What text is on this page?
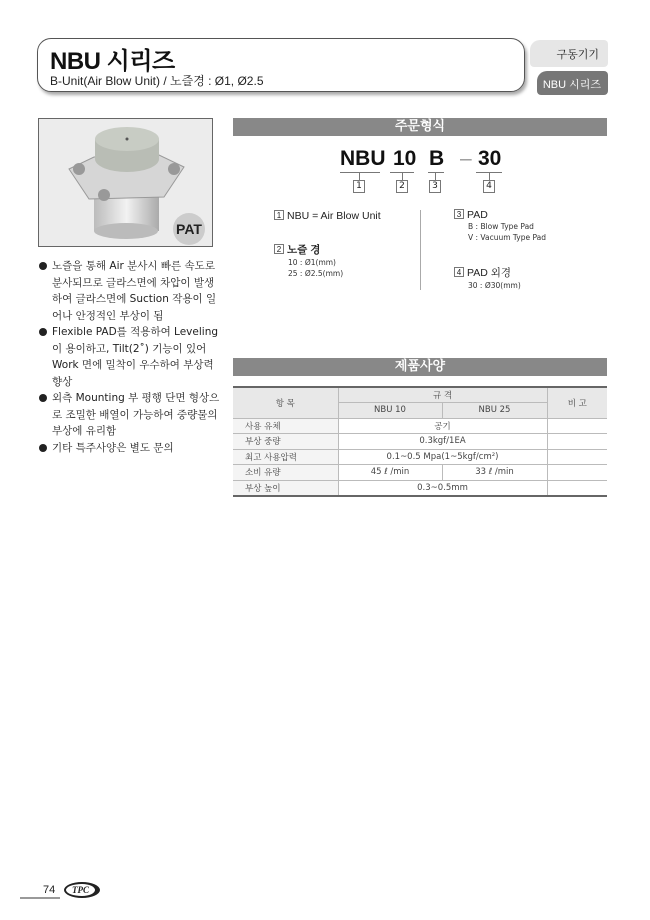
NBU 시리즈
B-Unit(Air Blow Unit) / 노즐경 : Ø1, Ø2.5
구동기기
NBU 시리즈
PAT
노즐을 통해 Air 분사시 빠른 속도로 분사되므로 글라스면에 차압이 발생하여 글라스면에 Suction 작용이 일어나 안정적인 부상이 됨
Flexible PAD를 적용하여 Leveling이 용이하고, Tilt(2˚) 기능이 있어 Work 면에 밀착이 우수하여 부상력 향상
외측 Mounting 부 평행 단면 형상으로 조밀한 배열이 가능하여 중량물의 부상에 유리함
기타 특주사양은 별도 문의
주문형식
NBU 10 B – 30
1	2	3	4
1 NBU = Air Blow Unit
2 노즐 경
10 : Ø1(mm)
25 : Ø2.5(mm)
3 PAD
B : Blow Type Pad
V : Vacuum Type Pad
4 PAD 외경
30 : Ø30(mm)
제품사양
항 목	규 격		비 고
	NBU 10	NBU 25	
사용 유체	공기		
부상 중량	0.3kgf/1EA		
최고 사용압력	0.1~0.5 Mpa(1~5kgf/cm²)		
소비 유량	45 ℓ /min	33 ℓ /min	
부상 높이	0.3~0.5mm		
74	TPC
